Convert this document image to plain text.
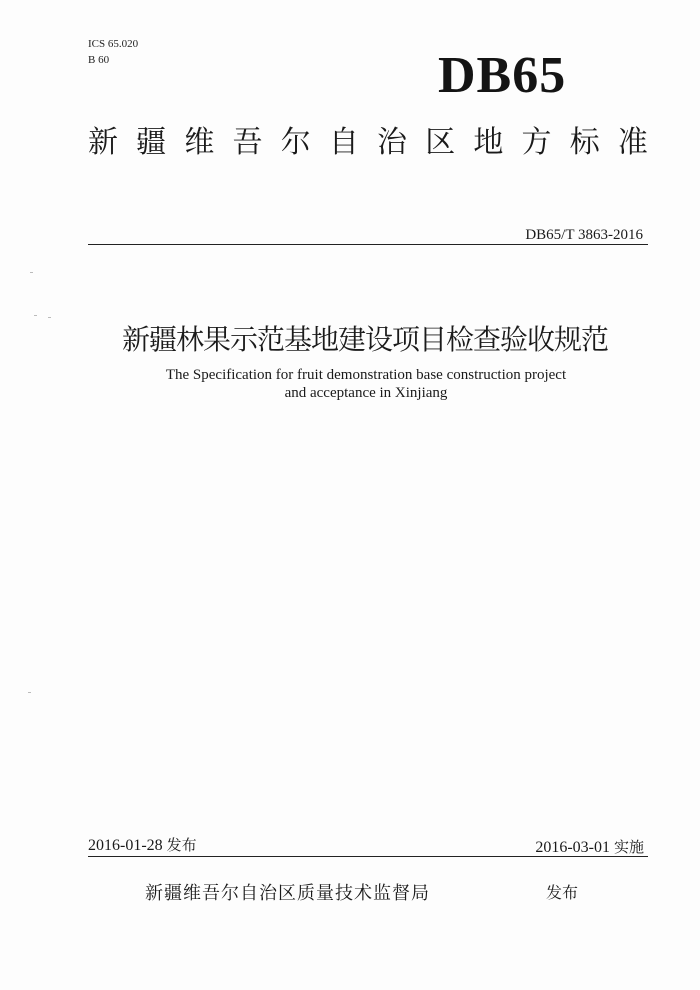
ICS 65.020
B 60	DB65
新 疆 维 吾 尔 自 治 区 地 方 标 准
DB65/T 3863-2016
新疆林果示范基地建设项目检查验收规范
The Specification for fruit demonstration base construction project
and acceptance in Xinjiang
2016-01-28 发布	2016-03-01 实施
新疆维吾尔自治区质量技术监督局	发布
